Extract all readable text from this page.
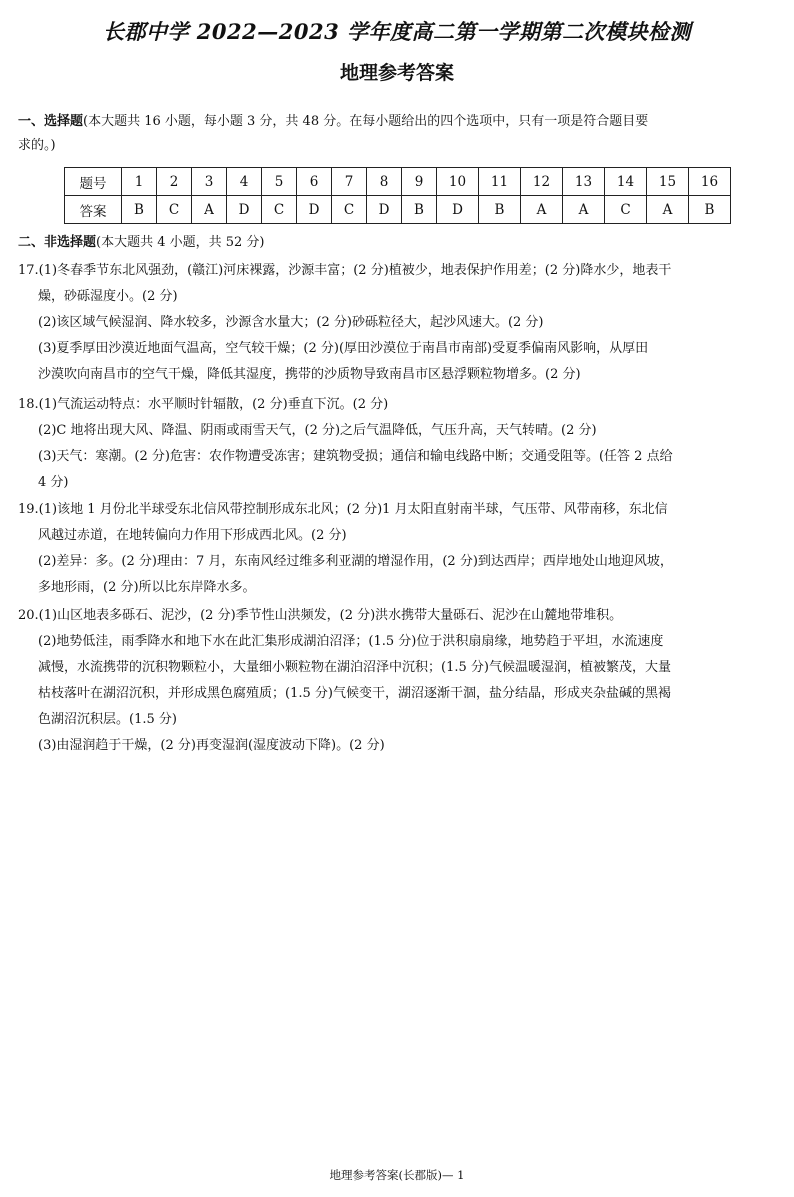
长郡中学 2022—2023 学年度高二第一学期第二次模块检测
地理参考答案
一、选择题(本大题共 16 小题，每小题 3 分，共 48 分。在每小题给出的四个选项中，只有一项是符合题目要
求的。)
题号	1	2	3	4	5	6	7	8	9	10	11	12	13	14	15	16
答案	B	C	A	D	C	D	C	D	B	D	B	A	A	C	A	B
二、非选择题(本大题共 4 小题，共 52 分)
17.(1)冬春季节东北风强劲，(赣江)河床裸露，沙源丰富；(2 分)植被少，地表保护作用差；(2 分)降水少，地表干
燥，砂砾湿度小。(2 分)
(2)该区域气候湿润、降水较多，沙源含水量大；(2 分)砂砾粒径大，起沙风速大。(2 分)
(3)夏季厚田沙漠近地面气温高，空气较干燥；(2 分)(厚田沙漠位于南昌市南部)受夏季偏南风影响，从厚田
沙漠吹向南昌市的空气干燥，降低其湿度，携带的沙质物导致南昌市区悬浮颗粒物增多。(2 分)
18.(1)气流运动特点：水平顺时针辐散，(2 分)垂直下沉。(2 分)
(2)C 地将出现大风、降温、阴雨或雨雪天气，(2 分)之后气温降低，气压升高，天气转晴。(2 分)
(3)天气：寒潮。(2 分)危害：农作物遭受冻害；建筑物受损；通信和输电线路中断；交通受阻等。(任答 2 点给
4 分)
19.(1)该地 1 月份北半球受东北信风带控制形成东北风；(2 分)1 月太阳直射南半球，气压带、风带南移，东北信
风越过赤道，在地转偏向力作用下形成西北风。(2 分)
(2)差异：多。(2 分)理由：7 月，东南风经过维多利亚湖的增湿作用，(2 分)到达西岸；西岸地处山地迎风坡，
多地形雨，(2 分)所以比东岸降水多。
20.(1)山区地表多砾石、泥沙，(2 分)季节性山洪频发，(2 分)洪水携带大量砾石、泥沙在山麓地带堆积。
(2)地势低洼，雨季降水和地下水在此汇集形成湖泊沼泽；(1.5 分)位于洪积扇扇缘，地势趋于平坦，水流速度
减慢，水流携带的沉积物颗粒小，大量细小颗粒物在湖泊沼泽中沉积；(1.5 分)气候温暖湿润，植被繁茂，大量
枯枝落叶在湖沼沉积，并形成黑色腐殖质；(1.5 分)气候变干，湖沼逐渐干涸，盐分结晶，形成夹杂盐碱的黑褐
色湖沼沉积层。(1.5 分)
(3)由湿润趋于干燥，(2 分)再变湿润(湿度波动下降)。(2 分)
地理参考答案(长郡版)— 1
